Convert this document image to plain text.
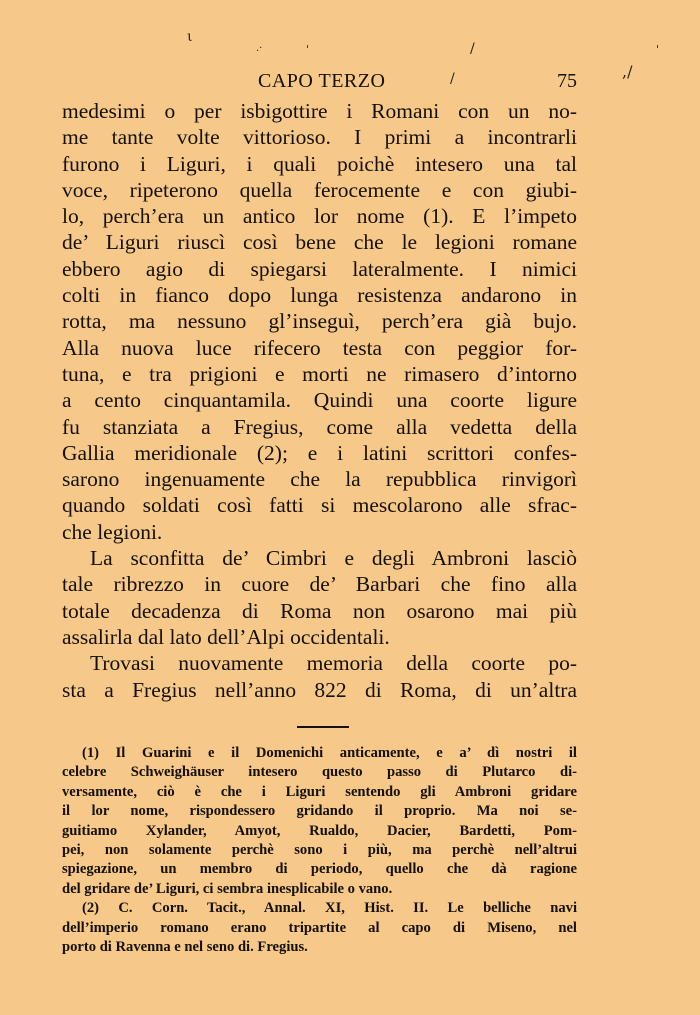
ι
.·	'	/	'
/	,/
CAPO TERZO	75
medesimi o per isbigottire i Romani con un no-
me tante volte vittorioso. I primi a incontrarli
furono i Liguri, i quali poichè intesero una tal
voce, ripeterono quella ferocemente e con giubi-
lo, perch’era un antico lor nome (1). E l’impeto
de’ Liguri riuscì così bene che le legioni romane
ebbero agio di spiegarsi lateralmente. I nimici
colti in fianco dopo lunga resistenza andarono in
rotta, ma nessuno gl’inseguì, perch’era già bujo.
Alla nuova luce rifecero testa con peggior for-
tuna, e tra prigioni e morti ne rimasero d’intorno
a cento cinquantamila. Quindi una coorte ligure
fu stanziata a Fregius, come alla vedetta della
Gallia meridionale (2); e i latini scrittori confes-
sarono ingenuamente che la repubblica rinvigorì
quando soldati così fatti si mescolarono alle sfrac-
che legioni.
La sconfitta de’ Cimbri e degli Ambroni lasciò
tale ribrezzo in cuore de’ Barbari che fino alla
totale decadenza di Roma non osarono mai più
assalirla dal lato dell’Alpi occidentali.
Trovasi nuovamente memoria della coorte po-
sta a Fregius nell’anno 822 di Roma, di un’altra
(1) Il Guarini e il Domenichi anticamente, e a’ dì nostri il
celebre Schweighäuser intesero questo passo di Plutarco di-
versamente, ciò è che i Liguri sentendo gli Ambroni gridare
il lor nome, rispondessero gridando il proprio. Ma noi se-
guitiamo Xylander, Amyot, Rualdo, Dacier, Bardetti, Pom-
pei, non solamente perchè sono i più, ma perchè nell’altrui
spiegazione, un membro di periodo, quello che dà ragione
del gridare de’ Liguri, ci sembra inesplicabile o vano.
(2) C. Corn. Tacit., Annal. XI, Hist. II. Le belliche navi
dell’imperio romano erano tripartite al capo di Miseno, nel
porto di Ravenna e nel seno di. Fregius.
